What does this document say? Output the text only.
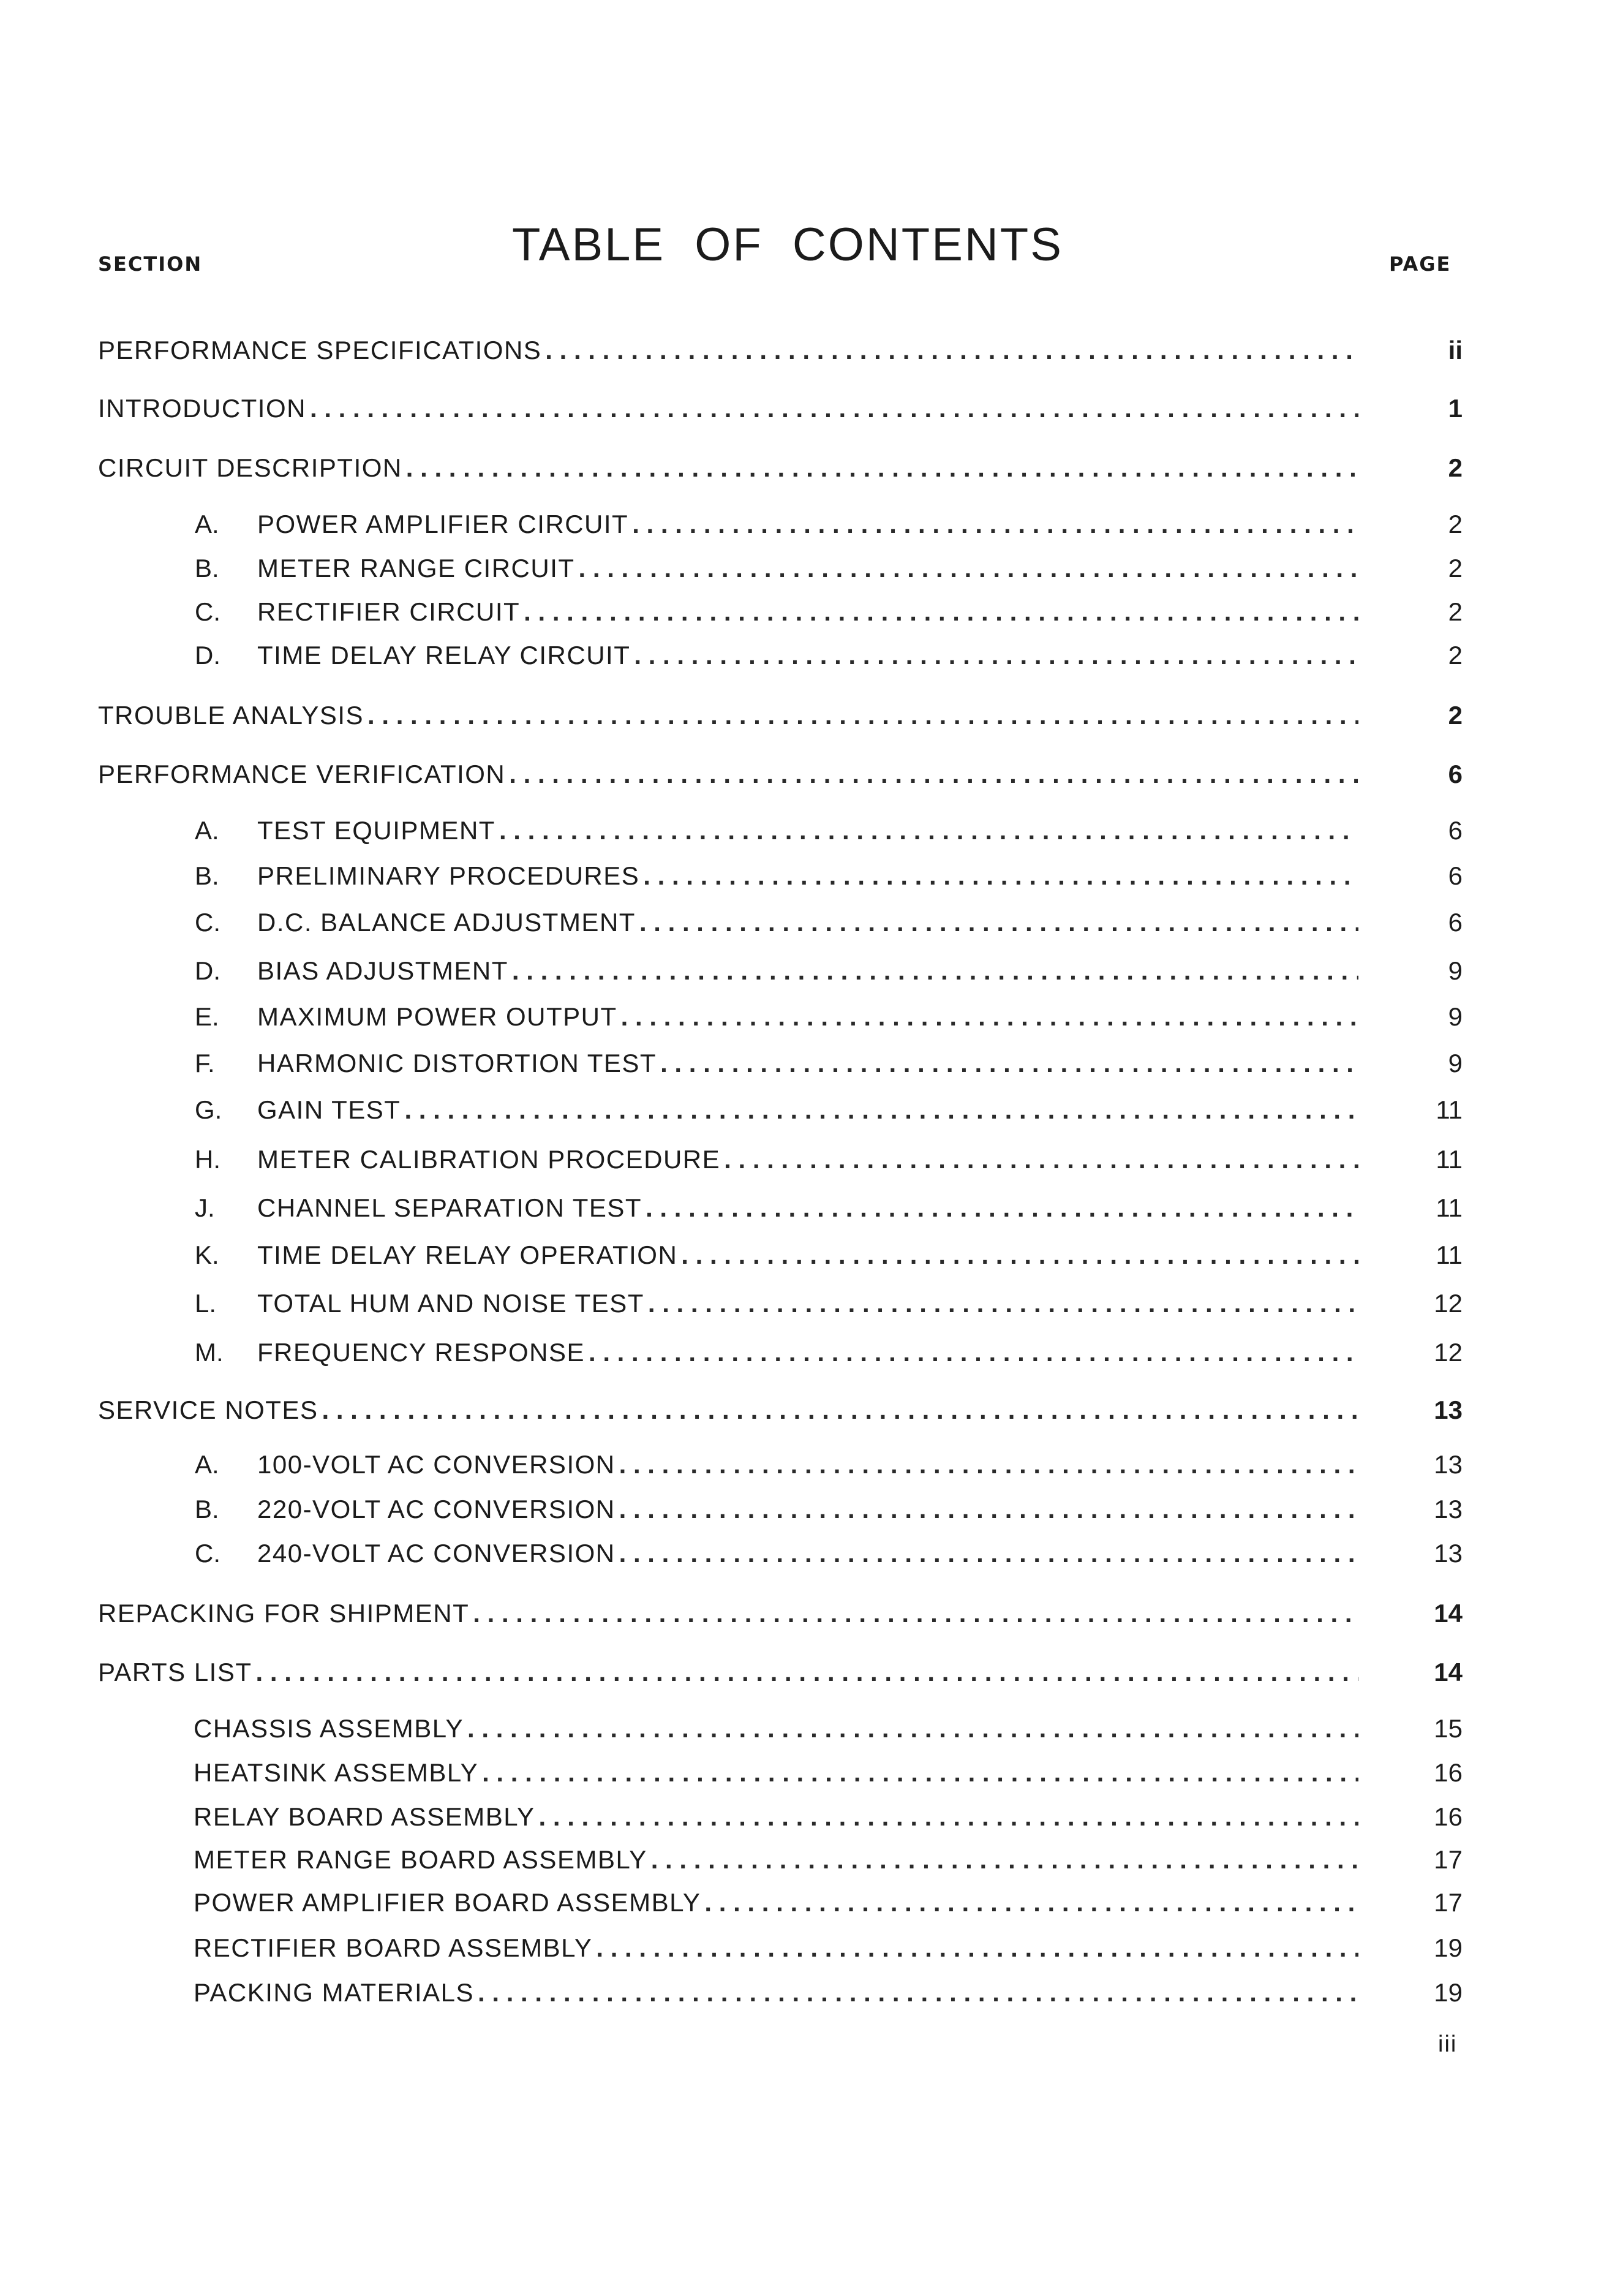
SECTION	TABLE OF CONTENTS	PAGE
PERFORMANCE SPECIFICATIONS . . .	ii
INTRODUCTION . . .	1
CIRCUIT DESCRIPTION . . .	2
A.	POWER AMPLIFIER CIRCUIT . . .	2
B.	METER RANGE CIRCUIT . . .	2
C.	RECTIFIER CIRCUIT . . .	2
D.	TIME DELAY RELAY CIRCUIT . . .	2
TROUBLE ANALYSIS . . .	2
PERFORMANCE VERIFICATION . . .	6
A.	TEST EQUIPMENT . . .	6
B.	PRELIMINARY PROCEDURES . . .	6
C.	D.C. BALANCE ADJUSTMENT . . .	6
D.	BIAS ADJUSTMENT . . .	9
E.	MAXIMUM POWER OUTPUT . . .	9
F.	HARMONIC DISTORTION TEST . . .	9
G.	GAIN TEST . . .	11
H.	METER CALIBRATION PROCEDURE . . .	11
J.	CHANNEL SEPARATION TEST . . .	11
K.	TIME DELAY RELAY OPERATION . . .	11
L.	TOTAL HUM AND NOISE TEST . . .	12
M.	FREQUENCY RESPONSE . . .	12
SERVICE NOTES . . .	13
A.	100-VOLT AC CONVERSION . . .	13
B.	220-VOLT AC CONVERSION . . .	13
C.	240-VOLT AC CONVERSION . . .	13
REPACKING FOR SHIPMENT . . .	14
PARTS LIST . . .	14
CHASSIS ASSEMBLY . . .	15
HEATSINK ASSEMBLY . . .	16
RELAY BOARD ASSEMBLY . . .	16
METER RANGE BOARD ASSEMBLY . . .	17
POWER AMPLIFIER BOARD ASSEMBLY . . .	17
RECTIFIER BOARD ASSEMBLY . . .	19
PACKING MATERIALS . . .	19
iii
